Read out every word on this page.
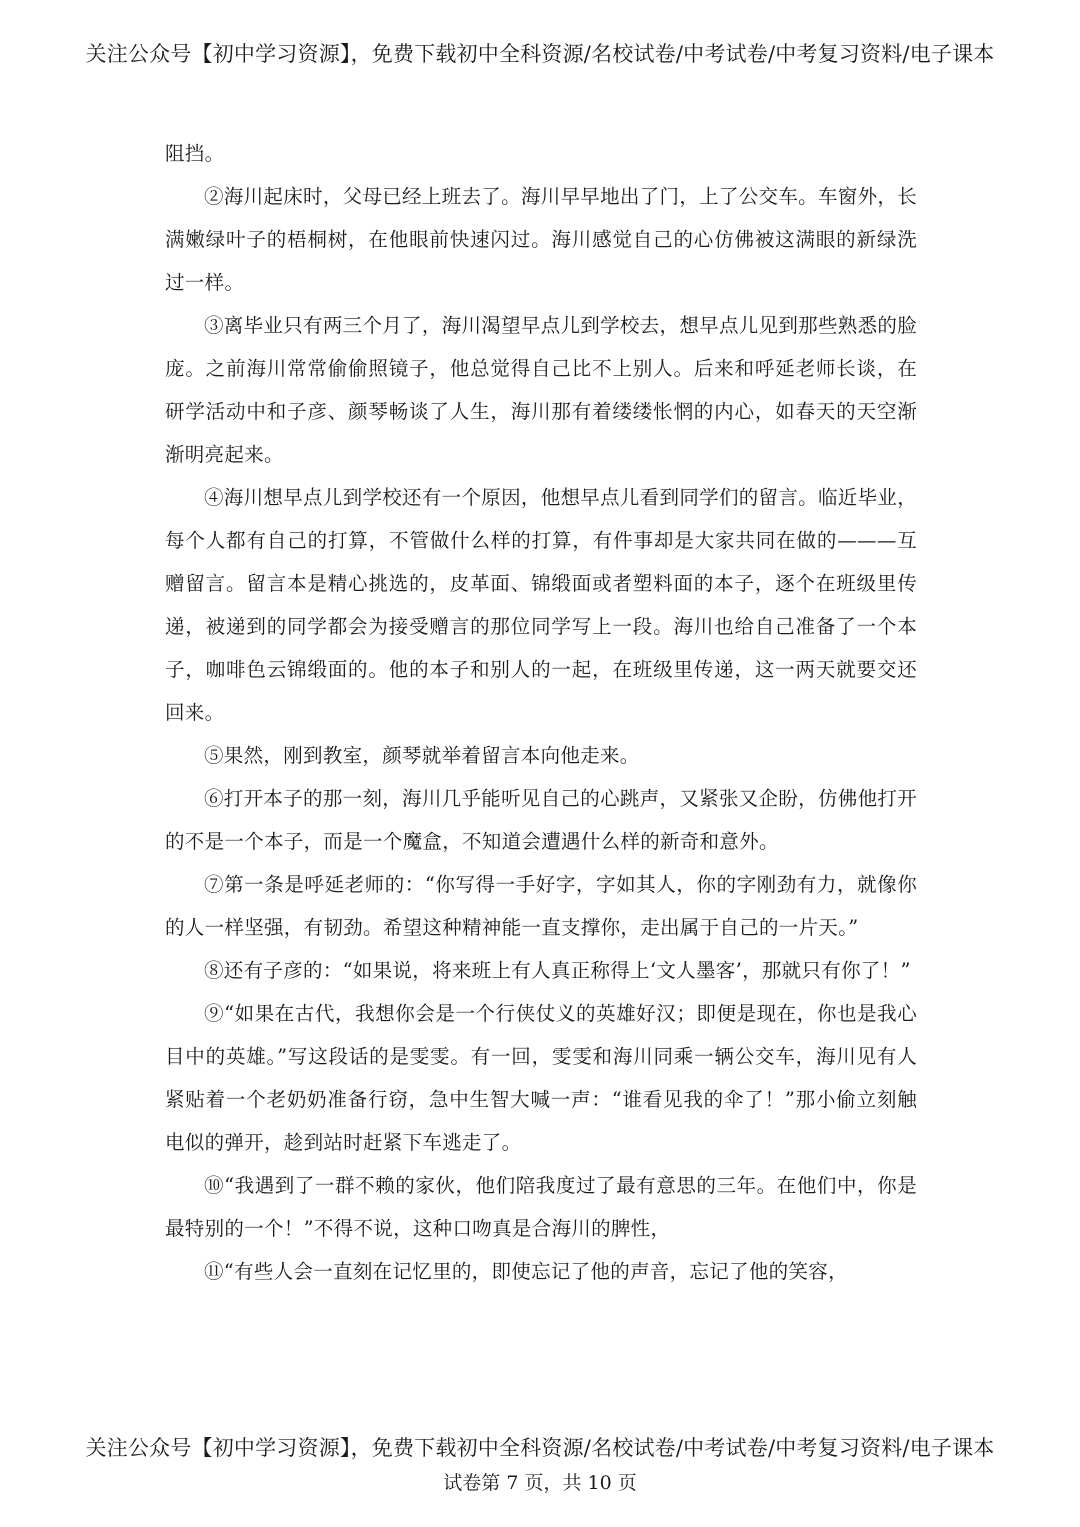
关注公众号【初中学习资源】，免费下载初中全科资源/名校试卷/中考试卷/中考复习资料/电子课本

阻挡。

②海川起床时，父母已经上班去了。海川早早地出了门，上了公交车。车窗外，长满嫩绿叶子的梧桐树，在他眼前快速闪过。海川感觉自己的心仿佛被这满眼的新绿洗过一样。

③离毕业只有两三个月了，海川渴望早点儿到学校去，想早点儿见到那些熟悉的脸庞。之前海川常常偷偷照镜子，他总觉得自己比不上别人。后来和呼延老师长谈，在研学活动中和子彦、颜琴畅谈了人生，海川那有着缕缕怅惘的内心，如春天的天空渐渐明亮起来。

④海川想早点儿到学校还有一个原因，他想早点儿看到同学们的留言。临近毕业，每个人都有自己的打算，不管做什么样的打算，有件事却是大家共同在做的———互赠留言。留言本是精心挑选的，皮革面、锦缎面或者塑料面的本子，逐个在班级里传递，被递到的同学都会为接受赠言的那位同学写上一段。海川也给自己准备了一个本子，咖啡色云锦缎面的。他的本子和别人的一起，在班级里传递，这一两天就要交还回来。

⑤果然，刚到教室，颜琴就举着留言本向他走来。

⑥打开本子的那一刻，海川几乎能听见自己的心跳声，又紧张又企盼，仿佛他打开的不是一个本子，而是一个魔盒，不知道会遭遇什么样的新奇和意外。

⑦第一条是呼延老师的：“你写得一手好字，字如其人，你的字刚劲有力，就像你的人一样坚强，有韧劲。希望这种精神能一直支撑你，走出属于自己的一片天。”

⑧还有子彦的：“如果说，将来班上有人真正称得上‘文人墨客’，那就只有你了！”

⑨“如果在古代，我想你会是一个行侠仗义的英雄好汉；即便是现在，你也是我心目中的英雄。”写这段话的是雯雯。有一回，雯雯和海川同乘一辆公交车，海川见有人紧贴着一个老奶奶准备行窃，急中生智大喊一声：“谁看见我的伞了！”那小偷立刻触电似的弹开，趁到站时赶紧下车逃走了。

⑩“我遇到了一群不赖的家伙，他们陪我度过了最有意思的三年。在他们中，你是最特别的一个！”不得不说，这种口吻真是合海川的脾性，

⑪“有些人会一直刻在记忆里的，即使忘记了他的声音，忘记了他的笑容，

关注公众号【初中学习资源】，免费下载初中全科资源/名校试卷/中考试卷/中考复习资料/电子课本
试卷第 7 页，共 10 页
